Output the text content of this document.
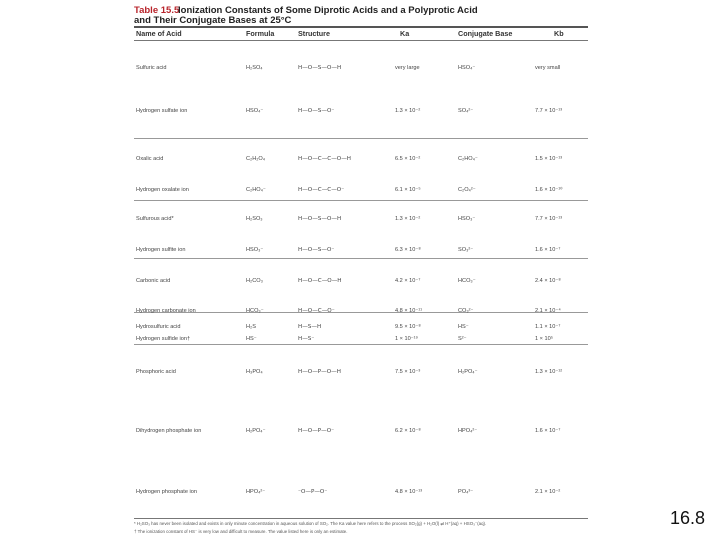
Table 15.5
Ionization Constants of Some Diprotic Acids and a Polyprotic Acid
and Their Conjugate Bases at 25°C
Name of Acid	Formula	Structure	Ka	Conjugate Base	Kb
Sulfuric acid	H₂SO₄	H—O—S—O—H	very large	HSO₄⁻	very small
Hydrogen sulfate ion	HSO₄⁻	H—O—S—O⁻	1.3 × 10⁻²	SO₄²⁻	7.7 × 10⁻¹³
Oxalic acid	C₂H₂O₄	H—O—C—C—O—H	6.5 × 10⁻²	C₂HO₄⁻	1.5 × 10⁻¹³
Hydrogen oxalate ion	C₂HO₄⁻	H—O—C—C—O⁻	6.1 × 10⁻⁵	C₂O₄²⁻	1.6 × 10⁻¹⁰
Sulfurous acid*	H₂SO₃	H—O—S—O—H	1.3 × 10⁻²	HSO₃⁻	7.7 × 10⁻¹³
Hydrogen sulfite ion	HSO₃⁻	H—O—S—O⁻	6.3 × 10⁻⁸	SO₃²⁻	1.6 × 10⁻⁷
Carbonic acid	H₂CO₃	H—O—C—O—H	4.2 × 10⁻⁷	HCO₃⁻	2.4 × 10⁻⁸
Hydrogen carbonate ion	HCO₃⁻	H—O—C—O⁻	4.8 × 10⁻¹¹	CO₃²⁻	2.1 × 10⁻⁴
Hydrosulfuric acid	H₂S	H—S—H	9.5 × 10⁻⁸	HS⁻	1.1 × 10⁻⁷
Hydrogen sulfide ion†	HS⁻	H—S⁻	1 × 10⁻¹⁹	S²⁻	1 × 10⁵
Phosphoric acid	H₃PO₄	H—O—P—O—H	7.5 × 10⁻³	H₂PO₄⁻	1.3 × 10⁻¹²
Dihydrogen phosphate ion	H₂PO₄⁻	H—O—P—O⁻	6.2 × 10⁻⁸	HPO₄²⁻	1.6 × 10⁻⁷
Hydrogen phosphate ion	HPO₄²⁻	⁻O—P—O⁻	4.8 × 10⁻¹³	PO₄³⁻	2.1 × 10⁻²
* H₂SO₃ has never been isolated and exists in only minute concentration in aqueous solution of SO₂. The Ka value here refers to the process SO₂(g) + H₂O(l) ⇌ H⁺(aq) + HSO₃⁻(aq).
† The ionization constant of HS⁻ is very low and difficult to measure. The value listed here is only an estimate.
16.8
